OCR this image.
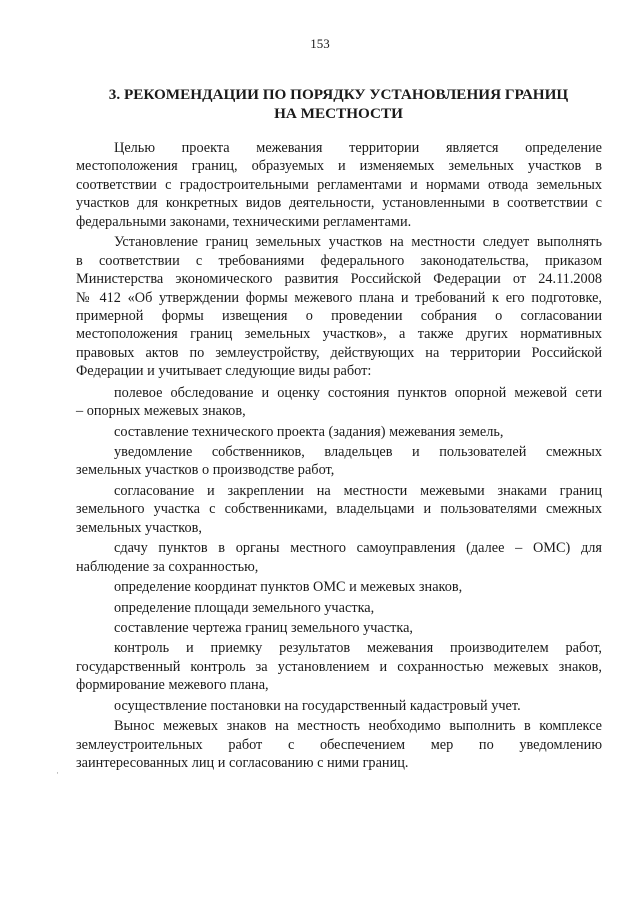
153
3. РЕКОМЕНДАЦИИ ПО ПОРЯДКУ УСТАНОВЛЕНИЯ ГРАНИЦ
НА МЕСТНОСТИ
Целью проекта межевания территории является определение
местоположения границ, образуемых и изменяемых земельных участков в
соответствии с градостроительными регламентами и нормами отвода земельных
участков для конкретных видов деятельности, установленными в соответствии с
федеральными законами, техническими регламентами.
Установление границ земельных участков на местности следует выполнять
в соответствии с требованиями федерального законодательства, приказом
Министерства экономического развития Российской Федерации от 24.11.2008
№ 412 «Об утверждении формы межевого плана и требований к его подготовке,
примерной формы извещения о проведении собрания о согласовании
местоположения границ земельных участков», а также других нормативных
правовых актов по землеустройству, действующих на территории Российской
Федерации и учитывает следующие виды работ:
полевое обследование и оценку состояния пунктов опорной межевой сети
– опорных межевых знаков,
составление технического проекта (задания) межевания земель,
уведомление собственников, владельцев и пользователей смежных
земельных участков о производстве работ,
согласование и закреплении на местности межевыми знаками границ
земельного участка с собственниками, владельцами и пользователями смежных
земельных участков,
сдачу пунктов в органы местного самоуправления (далее – ОМС) для
наблюдение за сохранностью,
определение координат пунктов ОМС и межевых знаков,
определение площади земельного участка,
составление чертежа границ земельного участка,
контроль и приемку результатов межевания производителем работ,
государственный контроль за установлением и сохранностью межевых знаков,
формирование межевого плана,
осуществление постановки на государственный кадастровый учет.
Вынос межевых знаков на местность необходимо выполнить в комплексе
землеустроительных работ с обеспечением мер по уведомлению
заинтересованных лиц и согласованию с ними границ.
·
